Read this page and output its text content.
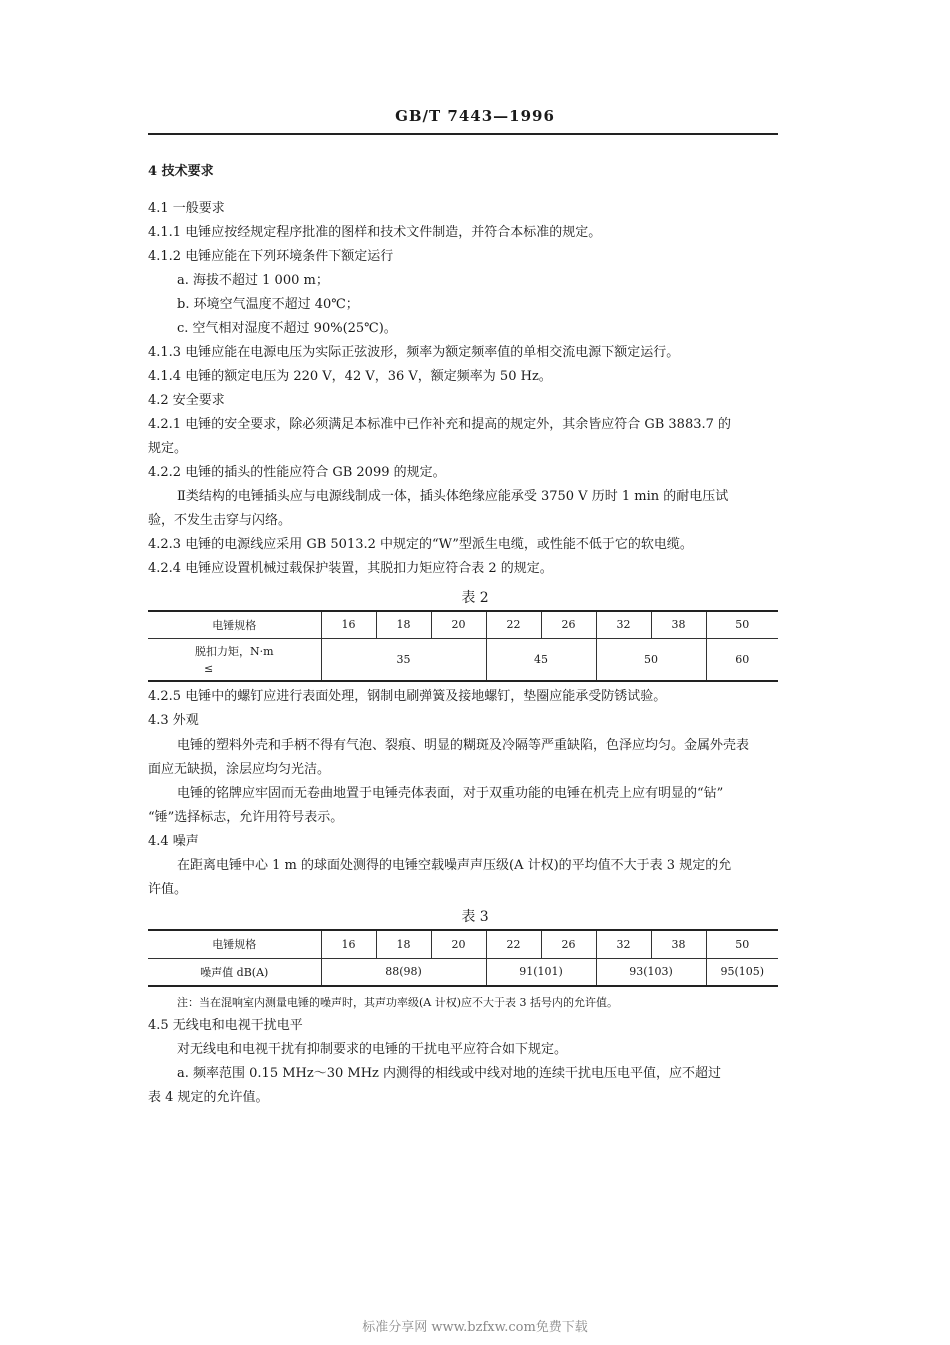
GB/T 7443—1996
4 技术要求
4.1 一般要求
4.1.1 电锤应按经规定程序批准的图样和技术文件制造，并符合本标准的规定。
4.1.2 电锤应能在下列环境条件下额定运行
a. 海拔不超过 1 000 m；
b. 环境空气温度不超过 40℃；
c. 空气相对湿度不超过 90%(25℃)。
4.1.3 电锤应能在电源电压为实际正弦波形，频率为额定频率值的单相交流电源下额定运行。
4.1.4 电锤的额定电压为 220 V，42 V，36 V，额定频率为 50 Hz。
4.2 安全要求
4.2.1 电锤的安全要求，除必须满足本标准中已作补充和提高的规定外，其余皆应符合 GB 3883.7 的
规定。
4.2.2 电锤的插头的性能应符合 GB 2099 的规定。
Ⅱ类结构的电锤插头应与电源线制成一体，插头体绝缘应能承受 3750 V 历时 1 min 的耐电压试
验，不发生击穿与闪络。
4.2.3 电锤的电源线应采用 GB 5013.2 中规定的“W”型派生电缆，或性能不低于它的软电缆。
4.2.4 电锤应设置机械过载保护装置，其脱扣力矩应符合表 2 的规定。
表 2
电锤规格	16	18	20	22	26	32	38	50

脱扣力矩，N·m
≤	35			45		50		60
4.2.5 电锤中的螺钉应进行表面处理，钢制电刷弹簧及接地螺钉，垫圈应能承受防锈试验。
4.3 外观
电锤的塑料外壳和手柄不得有气泡、裂痕、明显的糊斑及冷隔等严重缺陷，色泽应均匀。金属外壳表
面应无缺损，涂层应均匀光洁。
电锤的铭牌应牢固而无卷曲地置于电锤壳体表面，对于双重功能的电锤在机壳上应有明显的“钻”
“锤”选择标志，允许用符号表示。
4.4 噪声
在距离电锤中心 1 m 的球面处测得的电锤空载噪声声压级(A 计权)的平均值不大于表 3 规定的允
许值。
表 3
电锤规格	16	18	20	22	26	32	38	50
噪声值 dB(A)	88(98)			91(101)		93(103)		95(105)
注：当在混响室内测量电锤的噪声时，其声功率级(A 计权)应不大于表 3 括号内的允许值。
4.5 无线电和电视干扰电平
对无线电和电视干扰有抑制要求的电锤的干扰电平应符合如下规定。
a. 频率范围 0.15 MHz～30 MHz 内测得的相线或中线对地的连续干扰电压电平值，应不超过
表 4 规定的允许值。
标准分享网 www.bzfxw.com免费下载
